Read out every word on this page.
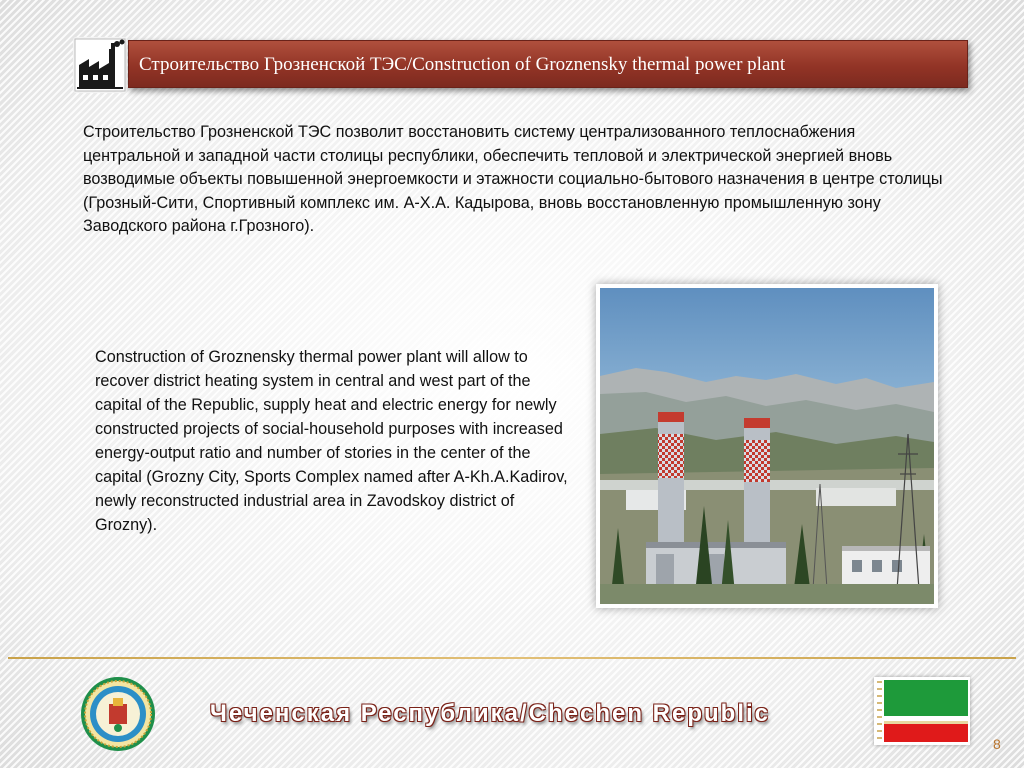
Строительство Грозненской ТЭС/Construction of Groznensky thermal power plant
Строительство Грозненской ТЭС позволит восстановить систему централизованного теплоснабжения центральной и западной части столицы республики, обеспечить тепловой и электрической энергией вновь возводимые объекты повышенной энергоемкости и этажности социально-бытового назначения в центре столицы (Грозный-Сити, Спортивный комплекс им. А-Х.А. Кадырова, вновь восстановленную промышленную зону Заводского района г.Грозного).
Construction of Groznensky thermal power plant will allow to recover district heating system in central and west part of the capital of the Republic, supply heat and electric energy for newly constructed projects of social-household purposes with increased energy-output ratio and number of stories in the center of the capital (Grozny City, Sports Complex named after A-Kh.A.Kadirov, newly reconstructed industrial area in Zavodskoy district of Grozny).
Чеченская Республика/Chechen Republic
8
